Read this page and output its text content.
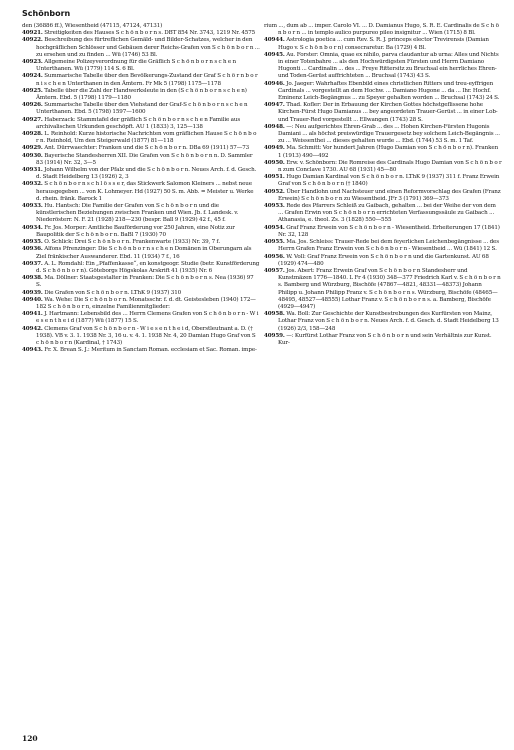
Schönborn

den (36886 ff.), Wiesentheid (47115, 47124, 47131)

40921. Streitigkeiten des Hauses S c h ö n b o r n s. DBT 854 Nr. 3743, 1219 Nr. 4575

40922. Beschreibung des fürtreflichen Gemäld- und Bilder-Schatzes, welcher in den hochgräflichen Schlösser und Gebäuen derer Reichs-Grafen von S c h ö n b o r n ... zu ersehen und zu finden ... Wü (1746) 53 Bl.

40923. Allgemeine Polizeyverordnung für die Gräflich S c h ö n b o r n s c h e n Unterthanen. Wü (1779) 114 S. 6 Bl.

40924. Summarische Tabelle über den Bevölkerungs-Zustand der Graf S c h ö r n b o r n i s c h e n Unterthanen in den Ämtern. Fr Mk 5 (1798) 1175—1178

40925. Tabelle über die Zahl der Handwerksleute in den (S c h ö n b o r n s c h e n) Ämtern. Ebd. 5 (1798) 1179—1180

40926. Summarische Tabelle über den Viehstand der Graf-S c h ö n b o r n s c h e n Unterthanen. Ebd. 5 (1798) 1597—1600

40927. Haberzack: Stammtafel der gräflich S c h ö n b o r n s c h e n Familie aus archivalischen Urkunden geschöpft. AU 1 (1833) 3, 125—138

40928. L. Reinhold: Kurze historische Nachrichten vom gräflichen Hause S c h ö n b o r n. Reinhold, Um den Steigerwald (1877) 81—118

40929. Ant. Dürrwaechter: Franken und die S c h ö n b o r n. DBa 69 (1911) 57—73

40930. Bayerische Standesherren XII. Die Grafen von S c h ö n b o r n n. D. Sammler 83 (1914) Nr. 32, 3—5

40931. Johann Wilhelm von der Pfalz und die S c h ö n b o r n. Neues Arch. f. d. Gesch. d. Stadt Heidelberg 13 (1926) 2, 3

40932. S c h ö n b o r n s c h l ö s s e r, das Stickwerk Salomon Kleiners ... nebst neue herausgegeben ... von K. Lohmeyer. Hd (1927) 50 S. m. Abb. = Meister u. Werke d. rhein. fränk. Barock 1

40933. Hu. Hantsch: Die Familie der Grafen von S c h ö n b o r n und die künstlerischen Beziehungen zwischen Franken und Wien. Jb. f. Landesk. v. Niederösterr. N. F. 21 (1928) 218—230 (bespr. Ball 9 (1929) 42 f., 45 f.

40934. Fr. Jos. Morper: Amtliche Bauförderung vor 250 Jahren, eine Notiz zur Baupolitik der S c h ö n b o r n. BaBl 7 (1930) 70

40935. O. Schlick: Drei S c h ö n b o r n. Frankenwarte (1933) Nr. 39, 7 f.

40936. Alfons Pfrenzinger: Die S c h ö n b o r n s c h e n Domänen in Oberungarn als Ziel fränkischer Auswanderer. Ebd. 11 (1934) 7 f., 16

40937. A. L. Romdahl: Ein „Pfaffenkasse“, en konstgeogr. Studie (betr. Kunstförderung d. S c h ö n b o r n). Göteborgs Högskolas Arskrift 41 (1935) Nr. 6

40938. Ma. Döllner: Staatsgestalter in Franken: Die S c h ö n b o r n s. Nea (1936) 97 S.

40939. Die Grafen von S c h ö n b o r n. LThK 9 (1937) 310

40940. Wa. Wehe: Die S c h ö n b o r n. Monatsschr. f. d. dt. Geistesleben (1940) 172—182 S c h ö n b o r n, einzelne Familienmitglieder:

40941. J. Hartmann: Lebensbild des ... Herrn Clemens Grafen von S c h ö n b o r n - W i e s e n t h e i d (1877) Wü (1877) 15 S.

40942. Clemens Graf von S c h ö n b o r n - W i e s e n t h e i d, Oberstleutnant a. D. († 1938). VB v. 3. 1. 1938 Nr. 3, 16 u. v. 4. 1. 1938 Nr. 4, 20 Damian Hugo Graf von S c h ö n b o r n (Kardinal, † 1743)

40943. Fr. X. Brean S. J.: Meritum in Sanctam Roman. ecclesiam et Sac. Roman. impe-

rium ..., dum ab ... imper. Carolo VI. ... D. Damianus Hugo, S. R. E. Cardinalis de S c h ö n b o r n ... in templo aulico purpureo pileo insignitur ... Wien (1715) 8 Bl.

40944. Astrologia poetica ... cum Rev. S. R. J. princeps elector Trevirensis (Damian Hugo v. S c h ö n b o r n) consecraretur. Ba (1729) 4 Bl.

40945. Au. Forster: Omnia, quae ex nihilo, parva claudantur ab urna: Alles und Nichts in einer Totenbahre ... als den Hochwürdigsten Fürsten und Herrn Damiano Hugonti ... Cardinalin ... des ... Freye Rittersitz zu Bruchsal ein herrliches Ehren- und Toden-Gerüst auffrichteten ... Bruchsal (1743) 43 S.

40946. Jo. Jaeger: Wahrhaftes Ebenbild eines christlichen Ritters und treu-eyffrigen Cardinals ... vorgestellt an dem Hochw. ... Damiano Hugone ... da ... Ihr. Hochf. Eminenz Leich-Begängnus ... zu Speyer gehalten worden ... Bruchsal (1743) 24 S.

40947. Thad. Kofler: Der in Erbauung der Kirchen Gottes höchstgeflissene hohe Kirchen-Fürst Hugo Damianus ... bey angeordeten Trauer-Gerüst ... in einer Lob- und Trauer-Red vorgestellt ... Ellwangen (1743) 28 S.

40948. —: Neu aufgerichtes Ehren-Grab ... des ... Hohen Kirchen-Fürsten Hugonis Damiani ... als höchst preiswürdige Trauergesetz bey solchem Leich-Begängnis ... zu ... Weissenthei ... dieses gehalten wurde ... Ebd. (1744) 53 S. m. 1 Taf.

40949. Ma. Schmitt: Vor hundert Jahren (Hugo Damian von S c h ö n b o r n). Franken 1 (1913) 490—492

40950. Erw. v. Schönborn: Die Romreise des Cardinals Hugo Damian von S c h ö n b o r n zum Conclave 1730. AU 68 (1931) 45—80

40951. Hugo Damian Kardinal von S c h ö n b o r n. LThK 9 (1937) 311 f. Franz Erwein Graf von S c h ö n b o r n († 1840)

40952. Über Handlohn und Nachsteuer und einen Reformvorschlag des Grafen (Franz Erwein) S c h ö n b o r n zu Wiesentheid. JFr 3 (1791) 369—373

40953. Rede des Pfarrers Schleiß zu Gaibach, gehalten ... bei der Weihe der von dem ... Grafen Erwin von S c h ö n b o r n errichteten Verfassungssäule zu Gaibach ... Athanasia, e. theol. Zs. 3 (1828) 550—555

40954. Graf Franz Erwein von S c h ö n b o r n - Wiesentheid. Erheiterungen 17 (1841) Nr. 32, 128

40955. Ma. Jos. Schleiss: Trauer-Rede bei dem feyerlichen Leichenbegängnisse ... des Herrn Grafen Franz Erwein von S c h ö n b o r n - Wiesentheid ... Wü (1841) 12 S.

40956. W. Voll: Graf Franz Erwein von S c h ö n b o r n und die Gartenkunst. AU 68 (1929) 474—480

40957. Jos. Abert: Franz Erwein Graf von S c h ö n b o r n Standesherr und Kunstmäzen 1776—1840. L Fr 4 (1930) 348—377 Friedrich Karl v. S c h ö n b o r n s. Bamberg und Würzburg, Bischöfe (47867—4821, 48331—48373) Johann Philipp u. Johann Philipp Franz v. S c h ö n b o r n s. Würzburg, Bischöfe (48465—48495, 48527—48555) Lothar Franz v. S c h ö n b o r n s. a. Bamberg, Bischöfe (4929—4947)

40958. Wa. Boll: Zur Geschichte der Kunstbestrebungen des Kurfürsten von Mainz, Lothar Franz von S c h ö n b o r n. Neues Arch. f. d. Gesch. d. Stadt Heidelberg 13 (1926) 2/3, 158—248

40959. —: Kurfürst Lothar Franz von S c h ö n b o r n und sein Verhältnis zur Kunst. Kur-

120
